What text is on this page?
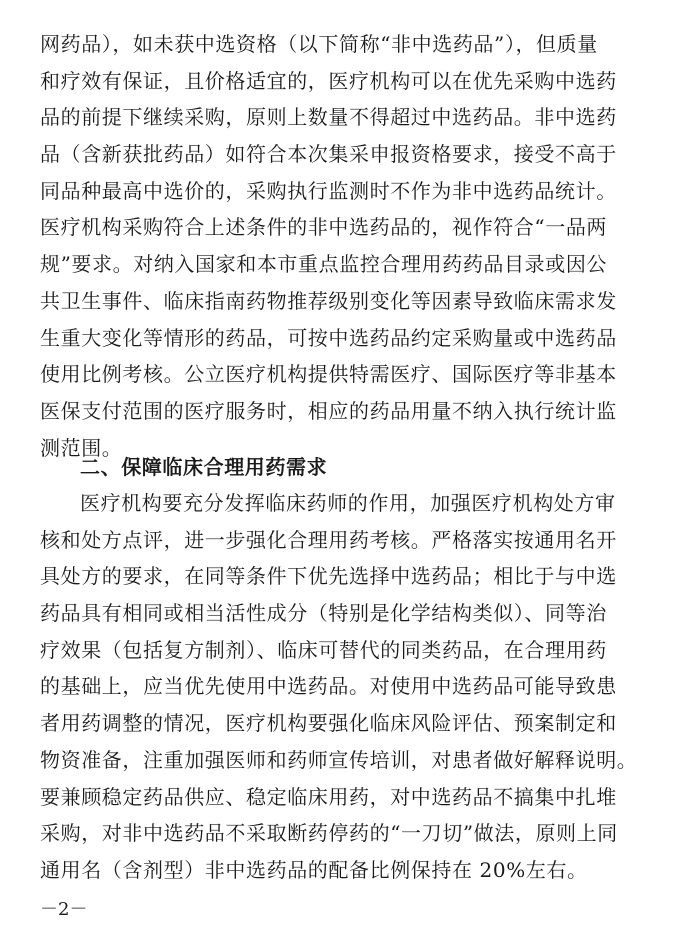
网药品），如未获中选资格（以下简称“非中选药品”），但质量
和疗效有保证，且价格适宜的，医疗机构可以在优先采购中选药
品的前提下继续采购，原则上数量不得超过中选药品。非中选药
品（含新获批药品）如符合本次集采申报资格要求，接受不高于
同品种最高中选价的，采购执行监测时不作为非中选药品统计。
医疗机构采购符合上述条件的非中选药品的，视作符合“一品两
规”要求。对纳入国家和本市重点监控合理用药药品目录或因公
共卫生事件、临床指南药物推荐级别变化等因素导致临床需求发
生重大变化等情形的药品，可按中选药品约定采购量或中选药品
使用比例考核。公立医疗机构提供特需医疗、国际医疗等非基本
医保支付范围的医疗服务时，相应的药品用量不纳入执行统计监
测范围。
二、保障临床合理用药需求
医疗机构要充分发挥临床药师的作用，加强医疗机构处方审
核和处方点评，进一步强化合理用药考核。严格落实按通用名开
具处方的要求，在同等条件下优先选择中选药品；相比于与中选
药品具有相同或相当活性成分（特别是化学结构类似）、同等治
疗效果（包括复方制剂）、临床可替代的同类药品，在合理用药
的基础上，应当优先使用中选药品。对使用中选药品可能导致患
者用药调整的情况，医疗机构要强化临床风险评估、预案制定和
物资准备，注重加强医师和药师宣传培训，对患者做好解释说明。
要兼顾稳定药品供应、稳定临床用药，对中选药品不搞集中扎堆
采购，对非中选药品不采取断药停药的“一刀切”做法，原则上同
通用名（含剂型）非中选药品的配备比例保持在 20%左右。
－2－
